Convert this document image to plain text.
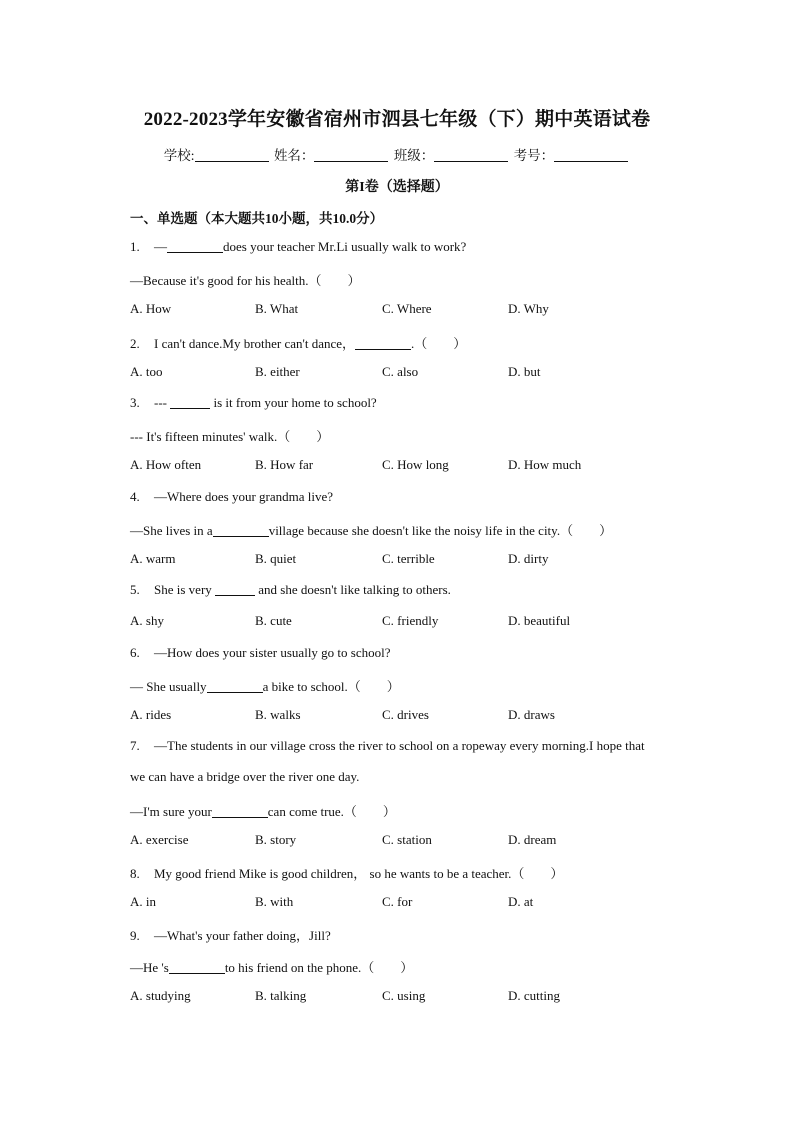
2022-2023学年安徽省宿州市泗县七年级（下）期中英语试卷
学校:	姓名：	班级：	考号：
第I卷（选择题）
一、单选题（本大题共10小题，共10.0分）
1. —	does your teacher Mr.Li usually walk to work?
—Because it's good for his health.（　　）
A. How	B. What	C. Where	D. Why
2. I can't dance.My brother can't dance，	.（　　）
A. too	B. either	C. also	D. but
3. ---	is it from your home to school?
--- It's fifteen minutes' walk.（　　）
A. How often	B. How far	C. How long	D. How much
4. —Where does your grandma live?
—She lives in a	village because she doesn't like the noisy life in the city.（　　）
A. warm	B. quiet	C. terrible	D. dirty
5. She is very	and she doesn't like talking to others.
A. shy	B. cute	C. friendly	D. beautiful
6. —How does your sister usually go to school?
— She usually	a bike to school.（　　）
A. rides	B. walks	C. drives	D. draws
7. —The students in our village cross the river to school on a ropeway every morning.I hope that
we can have a bridge over the river one day.
—I'm sure your	can come true.（　　）
A. exercise	B. story	C. station	D. dream
8. My good friend Mike is good children， so he wants to be a teacher.（　　）
A. in	B. with	C. for	D. at
9. —What's your father doing，Jill?
—He 's	to his friend on the phone.（　　）
A. studying	B. talking	C. using	D. cutting
